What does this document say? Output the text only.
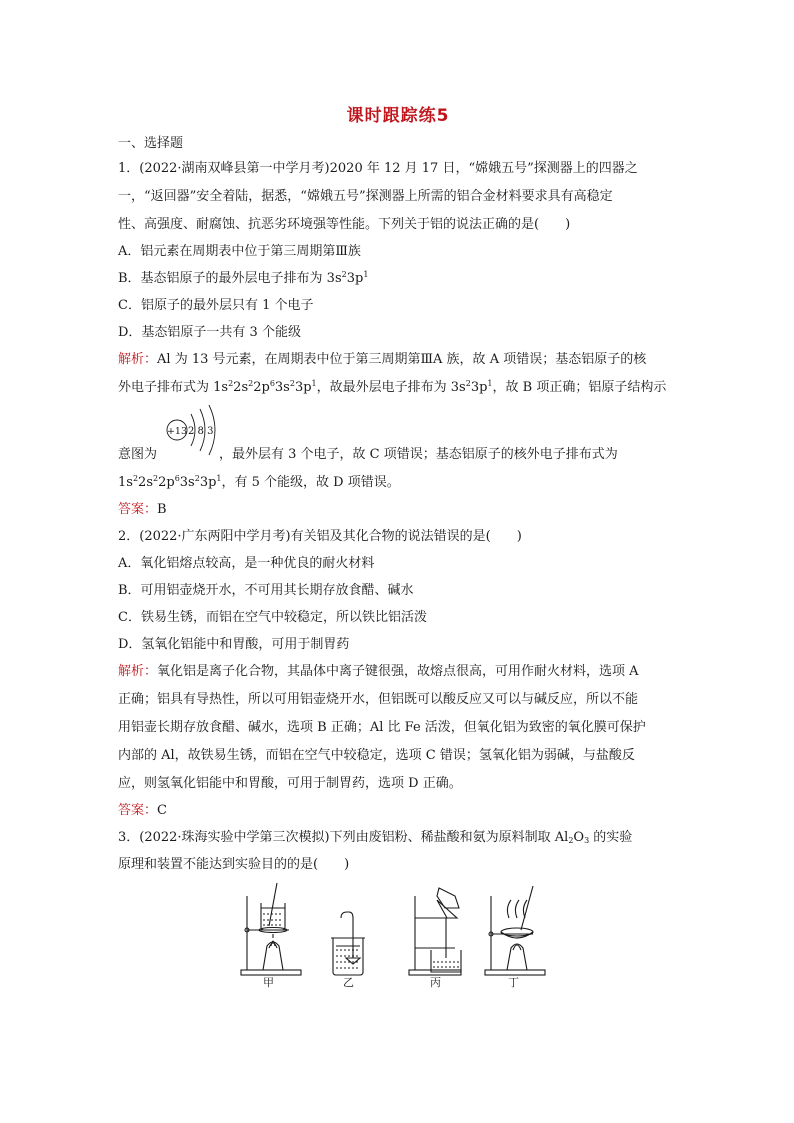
课时跟踪练5
一、选择题
1．(2022·湖南双峰县第一中学月考)2020 年 12 月 17 日，“嫦娥五号”探测器上的四器之
一，“返回器”安全着陆，据悉，“嫦娥五号”探测器上所需的铝合金材料要求具有高稳定
性、高强度、耐腐蚀、抗恶劣环境强等性能。下列关于铝的说法正确的是(　　)
A．铝元素在周期表中位于第三周期第Ⅲ族
B．基态铝原子的最外层电子排布为 $3s^23p^1$
C．铝原子的最外层只有 1 个电子
D．基态铝原子一共有 3 个能级
解析：Al 为 13 号元素，在周期表中位于第三周期第ⅢA 族，故 A 项错误；基态铝原子的核
外电子排布式为 $1s^22s^22p^63s^23p^1$，故最外层电子排布为 $3s^23p^1$，故 B 项正确；铝原子结构示
+13 2 8 3
意图为	，最外层有 3 个电子，故 C 项错误；基态铝原子的核外电子排布式为
$1s^22s^22p^63s^23p^1$，有 5 个能级，故 D 项错误。
答案：B
2．(2022·广东两阳中学月考)有关铝及其化合物的说法错误的是(　　)
A．氧化铝熔点较高，是一种优良的耐火材料
B．可用铝壶烧开水，不可用其长期存放食醋、碱水
C．铁易生锈，而铝在空气中较稳定，所以铁比铝活泼
D．氢氧化铝能中和胃酸，可用于制胃药
解析：氧化铝是离子化合物，其晶体中离子键很强，故熔点很高，可用作耐火材料，选项 A
正确；铝具有导热性，所以可用铝壶烧开水，但铝既可以酸反应又可以与碱反应，所以不能
用铝壶长期存放食醋、碱水，选项 B 正确；Al 比 Fe 活泼，但氧化铝为致密的氧化膜可保护
内部的 Al，故铁易生锈，而铝在空气中较稳定，选项 C 错误；氢氧化铝为弱碱，与盐酸反
应，则氢氧化铝能中和胃酸，可用于制胃药，选项 D 正确。
答案：C
3．(2022·珠海实验中学第三次模拟)下列由废铝粉、稀盐酸和氨为原料制取 $Al_2O_3$ 的实验
原理和装置不能达到实验目的的是(　　)
甲	乙	丙	丁
